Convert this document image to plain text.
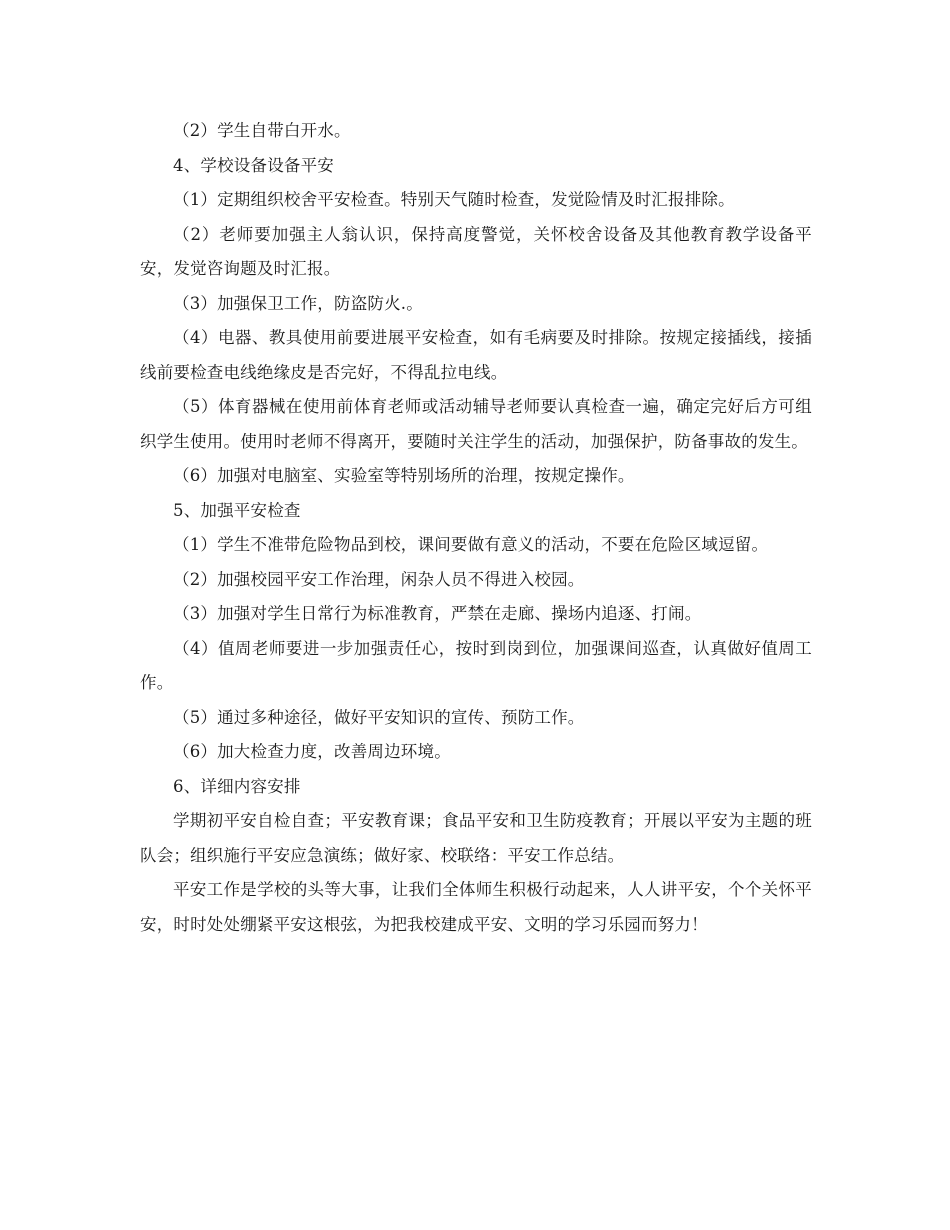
（2）学生自带白开水。

4、学校设备设备平安

（1）定期组织校舍平安检查。特别天气随时检查，发觉险情及时汇报排除。

（2）老师要加强主人翁认识，保持高度警觉，关怀校舍设备及其他教育教学设备平安，发觉咨询题及时汇报。

（3）加强保卫工作，防盗防火.。

（4）电器、教具使用前要进展平安检查，如有毛病要及时排除。按规定接插线，接插线前要检查电线绝缘皮是否完好，不得乱拉电线。

（5）体育器械在使用前体育老师或活动辅导老师要认真检查一遍，确定完好后方可组织学生使用。使用时老师不得离开，要随时关注学生的活动，加强保护，防备事故的发生。

（6）加强对电脑室、实验室等特别场所的治理，按规定操作。

5、加强平安检查

（1）学生不准带危险物品到校，课间要做有意义的活动，不要在危险区域逗留。

（2）加强校园平安工作治理，闲杂人员不得进入校园。

（3）加强对学生日常行为标准教育，严禁在走廊、操场内追逐、打闹。

（4）值周老师要进一步加强责任心，按时到岗到位，加强课间巡查，认真做好值周工作。

（5）通过多种途径，做好平安知识的宣传、预防工作。

（6）加大检查力度，改善周边环境。

6、详细内容安排

学期初平安自检自查；平安教育课；食品平安和卫生防疫教育；开展以平安为主题的班队会；组织施行平安应急演练；做好家、校联络：平安工作总结。

平安工作是学校的头等大事，让我们全体师生积极行动起来，人人讲平安，个个关怀平安，时时处处绷紧平安这根弦，为把我校建成平安、文明的学习乐园而努力！
